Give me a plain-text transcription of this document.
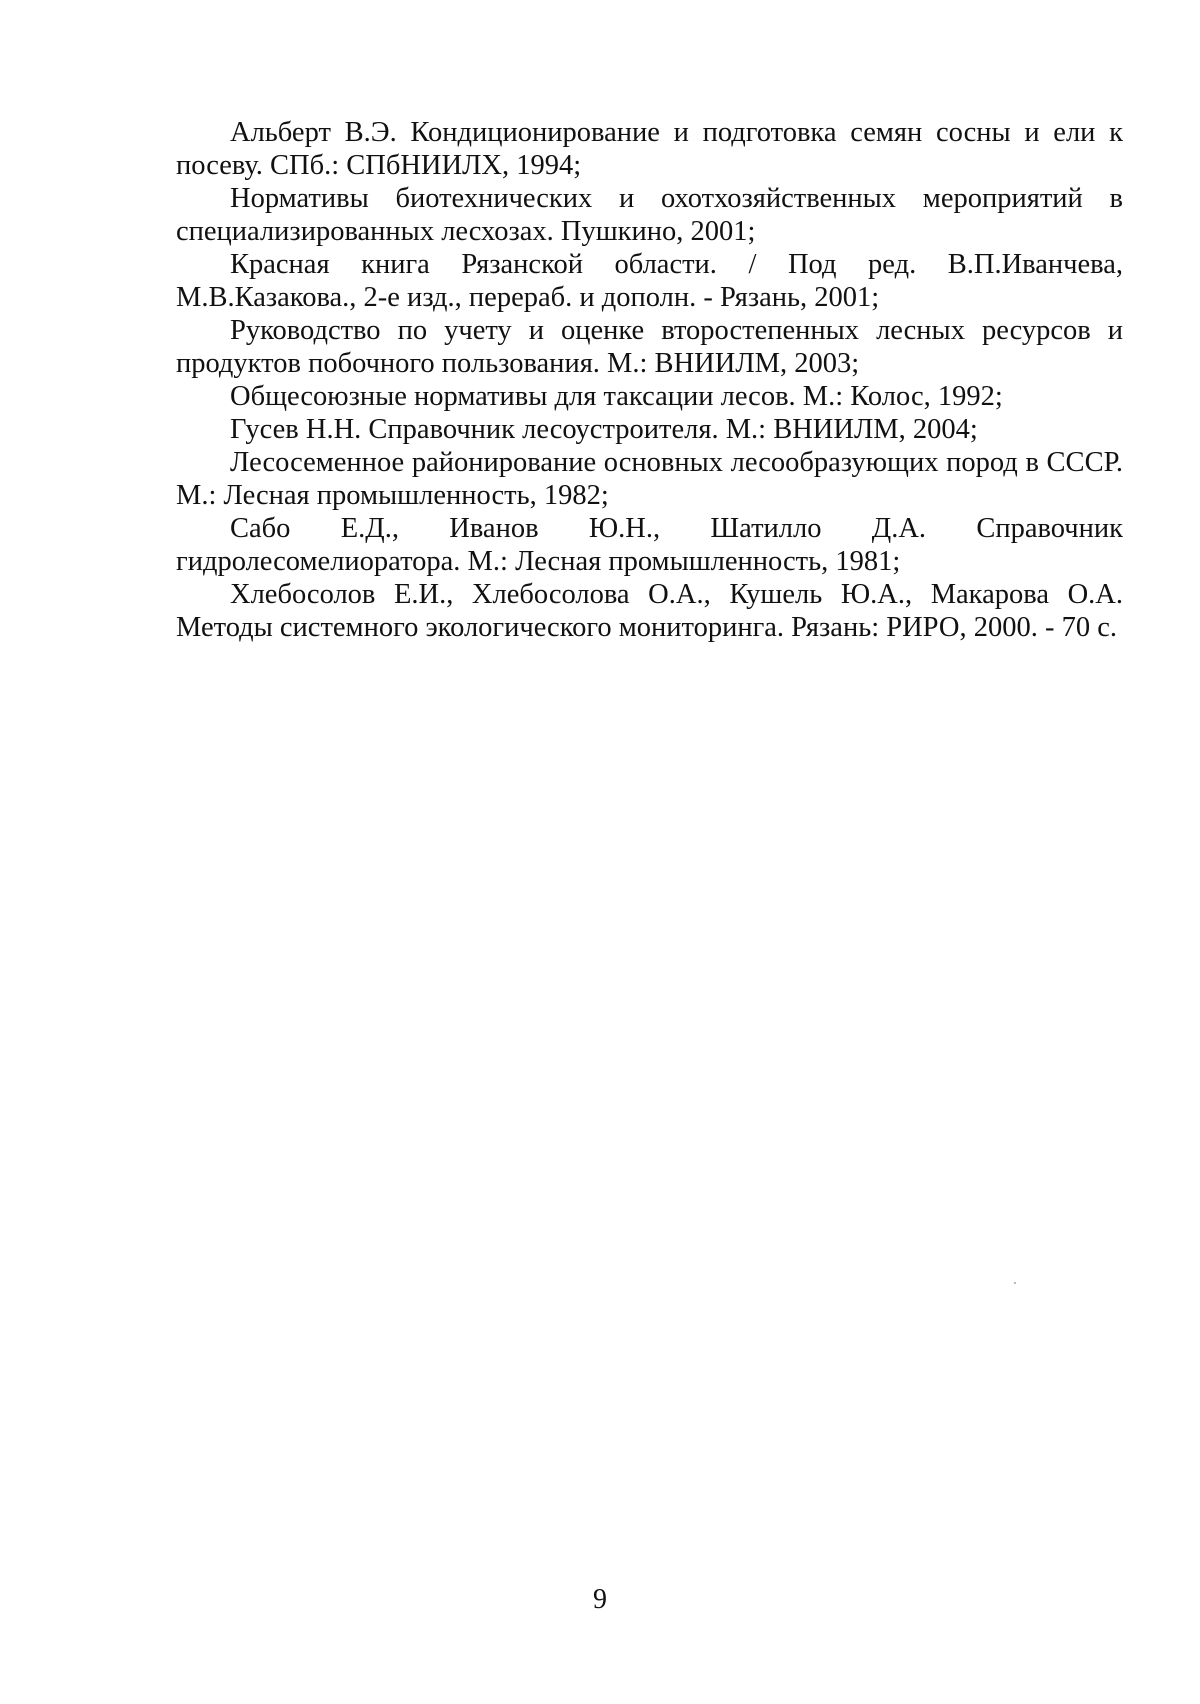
Альберт В.Э. Кондиционирование и подготовка семян сосны и ели к посеву. СПб.: СПбНИИЛХ, 1994;
Нормативы биотехнических и охотхозяйственных мероприятий в специализированных лесхозах. Пушкино, 2001;
Красная книга Рязанской области. / Под ред. В.П.Иванчева, М.В.Казакова., 2-е изд., перераб. и дополн. - Рязань, 2001;
Руководство по учету и оценке второстепенных лесных ресурсов и продуктов побочного пользования. М.: ВНИИЛМ, 2003;
Общесоюзные нормативы для таксации лесов. М.: Колос, 1992;
Гусев Н.Н. Справочник лесоустроителя. М.: ВНИИЛМ, 2004;
Лесосеменное районирование основных лесообразующих пород в СССР. М.: Лесная промышленность, 1982;
Сабо Е.Д., Иванов Ю.Н., Шатилло Д.А. Справочник гидролесомелиоратора. М.: Лесная промышленность, 1981;
Хлебосолов Е.И., Хлебосолова О.А., Кушель Ю.А., Макарова О.А. Методы системного экологического мониторинга. Рязань: РИРО, 2000. - 70 с.
9
